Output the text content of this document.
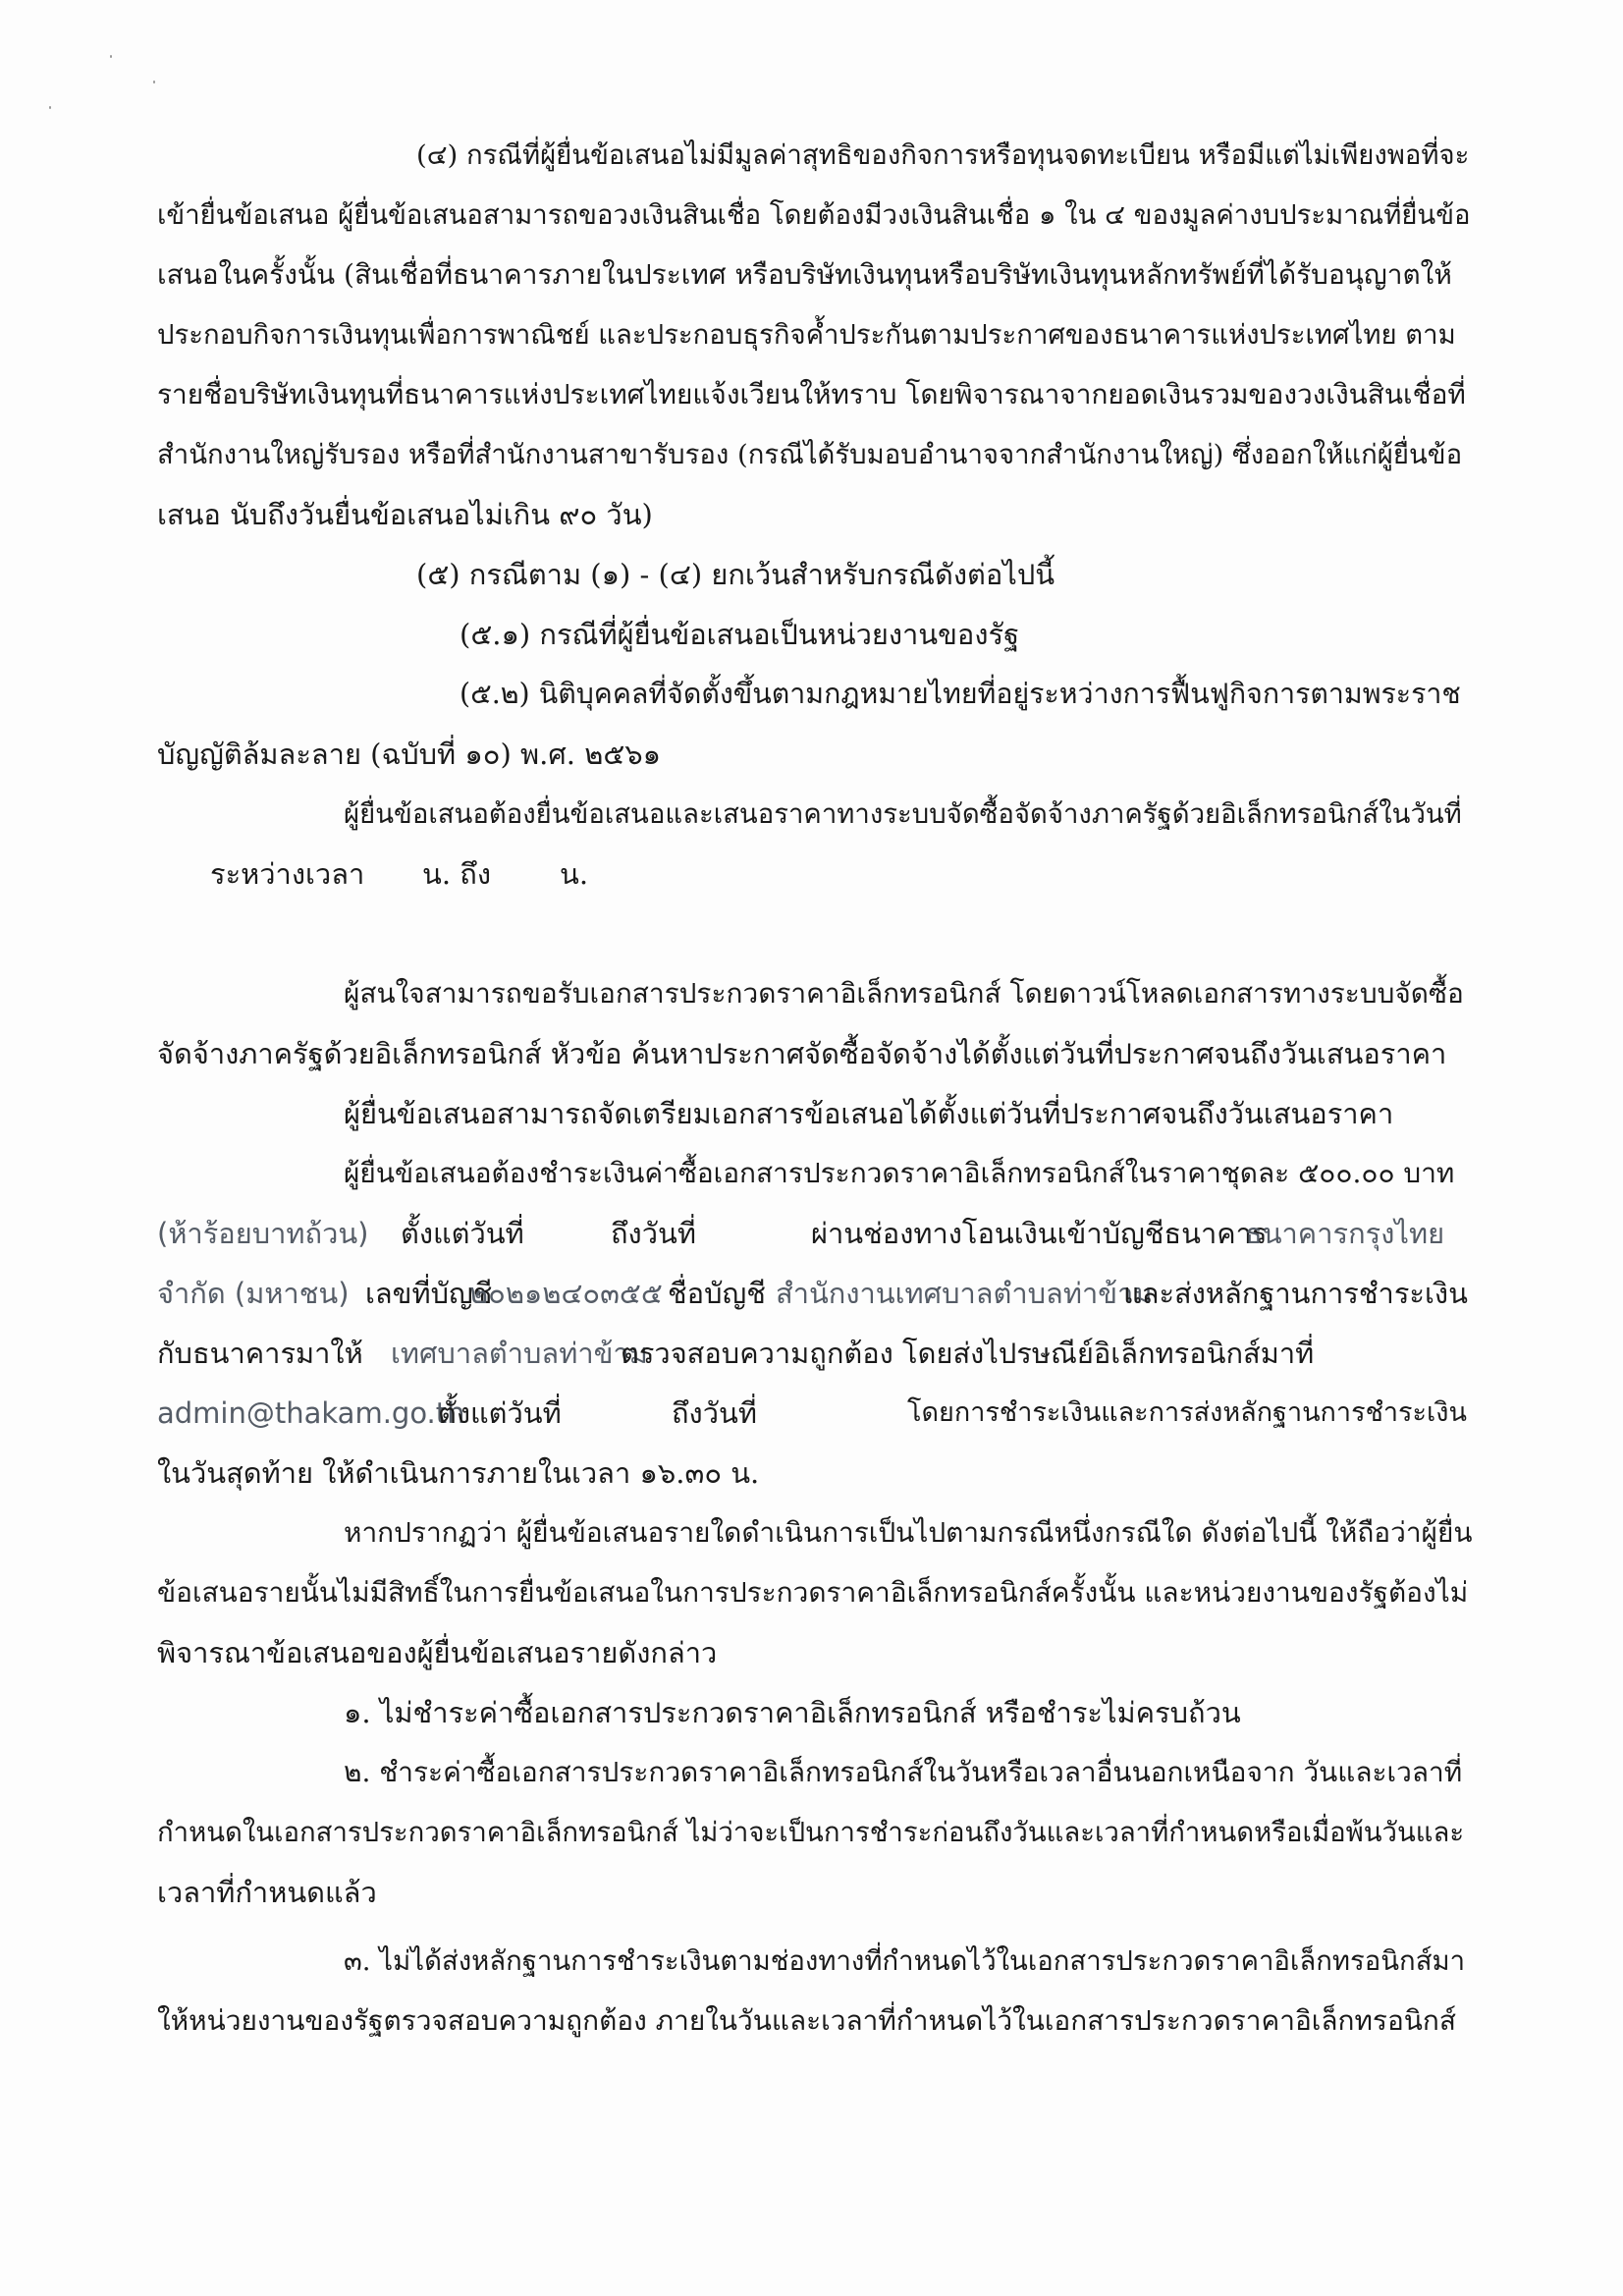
(๔) กรณีที่ผู้ยื่นข้อเสนอไม่มีมูลค่าสุทธิของกิจการหรือทุนจดทะเบียน หรือมีแต่ไม่เพียงพอที่จะ
เข้ายื่นข้อเสนอ ผู้ยื่นข้อเสนอสามารถขอวงเงินสินเชื่อ โดยต้องมีวงเงินสินเชื่อ ๑ ใน ๔ ของมูลค่างบประมาณที่ยื่นข้อ
เสนอในครั้งนั้น (สินเชื่อที่ธนาคารภายในประเทศ หรือบริษัทเงินทุนหรือบริษัทเงินทุนหลักทรัพย์ที่ได้รับอนุญาตให้
ประกอบกิจการเงินทุนเพื่อการพาณิชย์ และประกอบธุรกิจค้ำประกันตามประกาศของธนาคารแห่งประเทศไทย ตาม
รายชื่อบริษัทเงินทุนที่ธนาคารแห่งประเทศไทยแจ้งเวียนให้ทราบ โดยพิจารณาจากยอดเงินรวมของวงเงินสินเชื่อที่
สำนักงานใหญ่รับรอง หรือที่สำนักงานสาขารับรอง (กรณีได้รับมอบอำนาจจากสำนักงานใหญ่) ซึ่งออกให้แก่ผู้ยื่นข้อ
เสนอ นับถึงวันยื่นข้อเสนอไม่เกิน ๙๐ วัน)
(๕) กรณีตาม (๑) - (๔) ยกเว้นสำหรับกรณีดังต่อไปนี้
(๕.๑) กรณีที่ผู้ยื่นข้อเสนอเป็นหน่วยงานของรัฐ
(๕.๒) นิติบุคคลที่จัดตั้งขึ้นตามกฎหมายไทยที่อยู่ระหว่างการฟื้นฟูกิจการตามพระราช
บัญญัติล้มละลาย (ฉบับที่ ๑๐) พ.ศ. ๒๕๖๑
ผู้ยื่นข้อเสนอต้องยื่นข้อเสนอและเสนอราคาทางระบบจัดซื้อจัดจ้างภาครัฐด้วยอิเล็กทรอนิกส์ในวันที่
ระหว่างเวลา น. ถึง น.
ผู้สนใจสามารถขอรับเอกสารประกวดราคาอิเล็กทรอนิกส์ โดยดาวน์โหลดเอกสารทางระบบจัดซื้อ
จัดจ้างภาครัฐด้วยอิเล็กทรอนิกส์ หัวข้อ ค้นหาประกาศจัดซื้อจัดจ้างได้ตั้งแต่วันที่ประกาศจนถึงวันเสนอราคา
ผู้ยื่นข้อเสนอสามารถจัดเตรียมเอกสารข้อเสนอได้ตั้งแต่วันที่ประกาศจนถึงวันเสนอราคา
ผู้ยื่นข้อเสนอต้องชำระเงินค่าซื้อเอกสารประกวดราคาอิเล็กทรอนิกส์ในราคาชุดละ ๕๐๐.๐๐ บาท
(ห้าร้อยบาทถ้วน) ตั้งแต่วันที่	ถึงวันที่	ผ่านช่องทางโอนเงินเข้าบัญชีธนาคาร
ธนาคารกรุงไทย
จำกัด (มหาชน) เลขที่บัญชี
๒๐๒๑๒๔๐๓๕๕ ชื่อบัญชี สำนักงานเทศบาลตำบลท่าข้าม
และส่งหลักฐานการชำระเงิน
กับธนาคารมาให้ เทศบาลตำบลท่าข้าม
ตรวจสอบความถูกต้อง โดยส่งไปรษณีย์อิเล็กทรอนิกส์มาที่
admin@thakam.go.th
ตั้งแต่วันที่	ถึงวันที่	โดยการชำระเงินและการส่งหลักฐานการชำระเงิน
ในวันสุดท้าย ให้ดำเนินการภายในเวลา ๑๖.๓๐ น.
หากปรากฏว่า ผู้ยื่นข้อเสนอรายใดดำเนินการเป็นไปตามกรณีหนึ่งกรณีใด ดังต่อไปนี้ ให้ถือว่าผู้ยื่น
ข้อเสนอรายนั้นไม่มีสิทธิ์ในการยื่นข้อเสนอในการประกวดราคาอิเล็กทรอนิกส์ครั้งนั้น และหน่วยงานของรัฐต้องไม่
พิจารณาข้อเสนอของผู้ยื่นข้อเสนอรายดังกล่าว
๑. ไม่ชำระค่าซื้อเอกสารประกวดราคาอิเล็กทรอนิกส์ หรือชำระไม่ครบถ้วน
๒. ชำระค่าซื้อเอกสารประกวดราคาอิเล็กทรอนิกส์ในวันหรือเวลาอื่นนอกเหนือจาก วันและเวลาที่
กำหนดในเอกสารประกวดราคาอิเล็กทรอนิกส์ ไม่ว่าจะเป็นการชำระก่อนถึงวันและเวลาที่กำหนดหรือเมื่อพ้นวันและ
เวลาที่กำหนดแล้ว
๓. ไม่ได้ส่งหลักฐานการชำระเงินตามช่องทางที่กำหนดไว้ในเอกสารประกวดราคาอิเล็กทรอนิกส์มา
ให้หน่วยงานของรัฐตรวจสอบความถูกต้อง ภายในวันและเวลาที่กำหนดไว้ในเอกสารประกวดราคาอิเล็กทรอนิกส์
